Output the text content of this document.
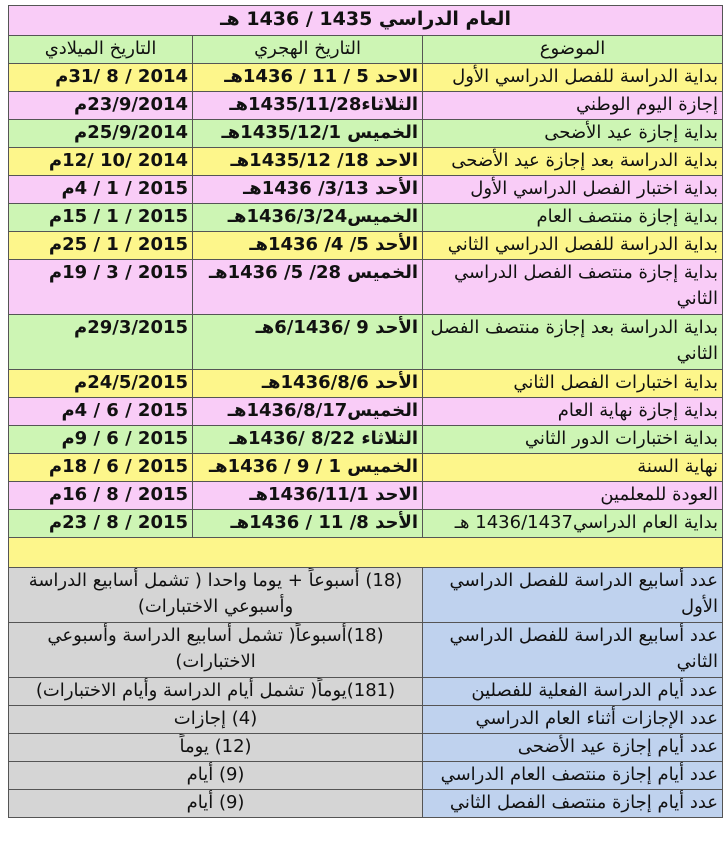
العام الدراسي 1435 / 1436 هـ		
الموضوع	التاريخ الهجري	التاريخ الميلادي
بداية الدراسة للفصل الدراسي الأول	الاحد 5 / 11 / 1436هـ	2014 / 8 /31م
إجازة اليوم الوطني	الثلاثاء1435/11/28هـ	23/9/2014م
بداية إجازة عيد الأضحى	الخميس 1435/12/1هـ	25/9/2014م
بداية الدراسة بعد إجازة عيد الأضحى	الاحد 18/ 1435/12هـ	2014 /10 /12م
بداية اختبار الفصل الدراسي الأول	الأحد 3/13/ 1436هـ	2015 / 1 / 4م
بداية إجازة منتصف العام	الخميس1436/3/24هـ	2015 / 1 / 15م
بداية الدراسة للفصل الدراسي الثاني	الأحد 5/ 4/ 1436هـ	2015 / 1 / 25م
بداية إجازة منتصف الفصل الدراسي الثاني	الخميس 28/ 5/ 1436هـ	2015 / 3 / 19م
بداية الدراسة بعد إجازة منتصف الفصل الثاني	الأحد 9 /6/1436هـ	29/3/2015م
بداية اختبارات الفصل الثاني	الأحد 1436/8/6هـ	24/5/2015م
بداية إجازة نهاية العام	الخميس1436/8/17هـ	2015 / 6 / 4م
بداية اختبارات الدور الثاني	الثلاثاء 8/22 /1436هـ	2015 / 6 / 9م
نهاية السنة	الخميس 1 / 9 / 1436هـ	2015 / 6 / 18م
العودة للمعلمين	الاحد 1436/11/1هـ	2015 / 8 / 16م
بداية العام الدراسي1436/1437 هـ	الأحد 8/ 11 / 1436هـ	2015 / 8 / 23م

عدد أسابيع الدراسة للفصل الدراسي الأول	(18) أسبوعاً + يوما واحدا ( تشمل أسابيع الدراسة وأسبوعي الاختبارات)	
عدد أسابيع الدراسة للفصل الدراسي الثاني	(18)أسبوعاً( تشمل أسابيع الدراسة وأسبوعي الاختبارات)	
عدد أيام الدراسة الفعلية للفصلين	(181)يوماً( تشمل أيام الدراسة وأيام الاختبارات)	
عدد الإجازات أثناء العام الدراسي	(4) إجازات	
عدد أيام إجازة عيد الأضحى	(12) يوماً	
عدد أيام إجازة منتصف العام الدراسي	(9) أيام	
عدد أيام إجازة منتصف الفصل الثاني	(9) أيام	
